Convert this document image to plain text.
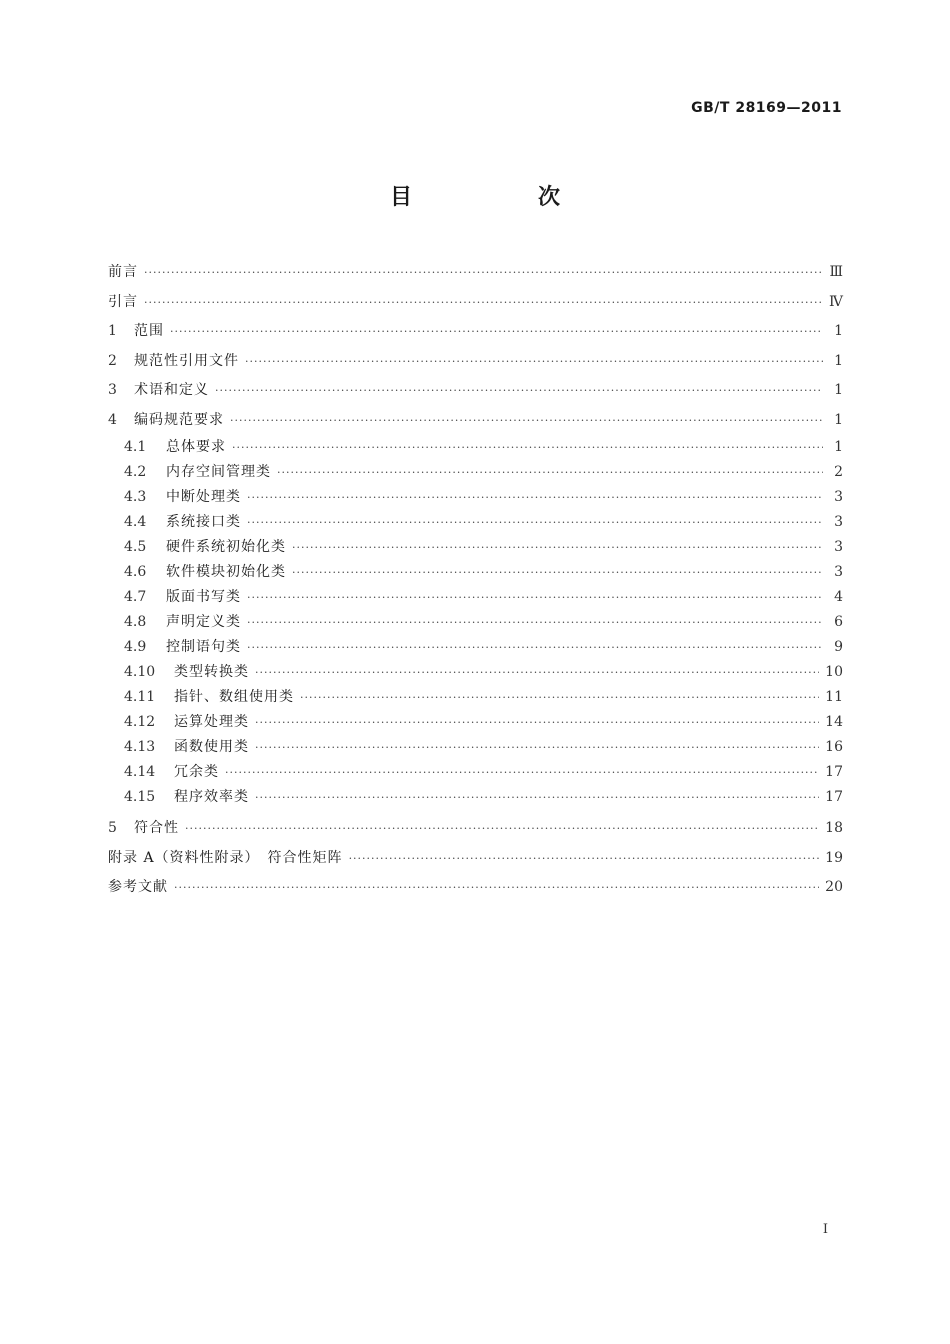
GB/T 28169—2011
目　次
前言 ·····	Ⅲ
引言 ·····	Ⅳ
1	范围 ·····	1
2	规范性引用文件 ·····	1
3	术语和定义 ·····	1
4	编码规范要求 ·····	1
4.1	总体要求 ·····	1
4.2	内存空间管理类 ·····	2
4.3	中断处理类 ·····	3
4.4	系统接口类 ·····	3
4.5	硬件系统初始化类 ·····	3
4.6	软件模块初始化类 ·····	3
4.7	版面书写类 ·····	4
4.8	声明定义类 ·····	6
4.9	控制语句类 ·····	9
4.10	类型转换类 ·····	10
4.11	指针、数组使用类 ·····	11
4.12	运算处理类 ·····	14
4.13	函数使用类 ·····	16
4.14	冗余类 ·····	17
4.15	程序效率类 ·····	17
5	符合性 ·····	18
附录 A（资料性附录）　符合性矩阵 ·····	19
参考文献 ·····	20
I
